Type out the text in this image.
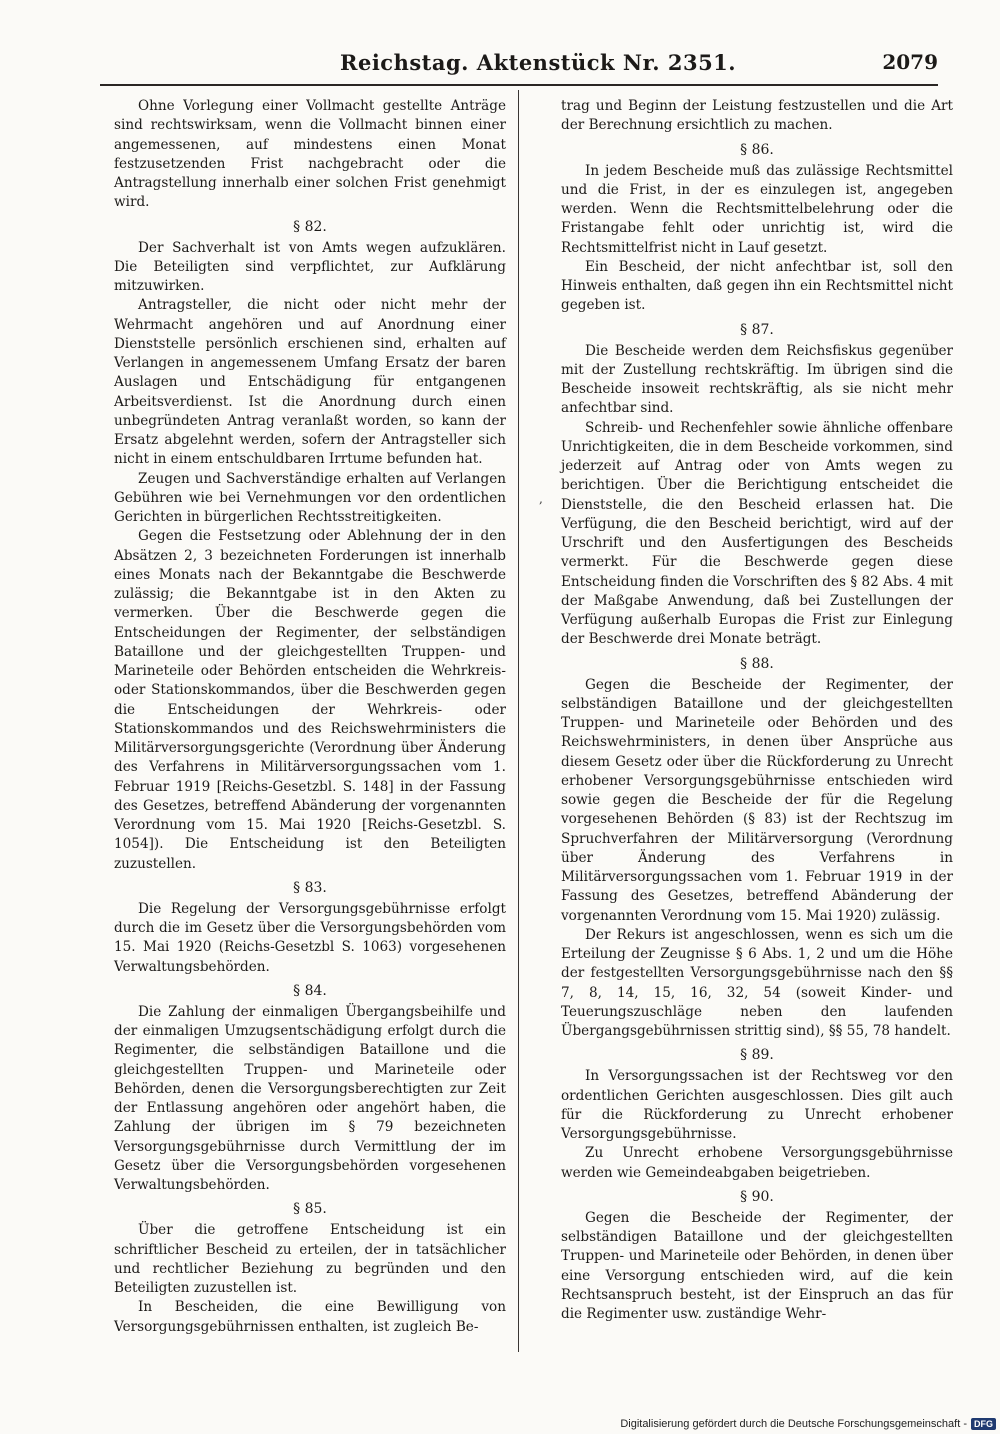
Reichstag. Aktenstück Nr. 2351.	2079
,

Ohne Vorlegung einer Vollmacht gestellte Anträge sind rechtswirksam, wenn die Vollmacht binnen einer angemessenen, auf mindestens einen Monat festzusetzenden Frist nachgebracht oder die Antragstellung innerhalb einer solchen Frist genehmigt wird.

§ 82.

Der Sachverhalt ist von Amts wegen aufzuklären. Die Beteiligten sind verpflichtet, zur Aufklärung mitzuwirken.

Antragsteller, die nicht oder nicht mehr der Wehrmacht angehören und auf Anordnung einer Dienststelle persönlich erschienen sind, erhalten auf Verlangen in angemessenem Umfang Ersatz der baren Auslagen und Entschädigung für entgangenen Arbeitsverdienst. Ist die Anordnung durch einen unbegründeten Antrag veranlaßt worden, so kann der Ersatz abgelehnt werden, sofern der Antragsteller sich nicht in einem entschuldbaren Irrtume befunden hat.

Zeugen und Sachverständige erhalten auf Verlangen Gebühren wie bei Vernehmungen vor den ordentlichen Gerichten in bürgerlichen Rechtsstreitigkeiten.

Gegen die Festsetzung oder Ablehnung der in den Absätzen 2, 3 bezeichneten Forderungen ist innerhalb eines Monats nach der Bekanntgabe die Beschwerde zulässig; die Bekanntgabe ist in den Akten zu vermerken. Über die Beschwerde gegen die Entscheidungen der Regimenter, der selbständigen Bataillone und der gleichgestellten Truppen- und Marineteile oder Behörden entscheiden die Wehrkreis- oder Stationskommandos, über die Beschwerden gegen die Entscheidungen der Wehrkreis- oder Stationskommandos und des Reichswehrministers die Militärversorgungsgerichte (Verordnung über Änderung des Verfahrens in Militärversorgungssachen vom 1. Februar 1919 [Reichs-Gesetzbl. S. 148] in der Fassung des Gesetzes, betreffend Abänderung der vorgenannten Verordnung vom 15. Mai 1920 [Reichs-Gesetzbl. S. 1054]). Die Entscheidung ist den Beteiligten zuzustellen.

§ 83.

Die Regelung der Versorgungsgebührnisse erfolgt durch die im Gesetz über die Versorgungsbehörden vom 15. Mai 1920 (Reichs-Gesetzbl S. 1063) vorgesehenen Verwaltungsbehörden.

§ 84.

Die Zahlung der einmaligen Übergangsbeihilfe und der einmaligen Umzugsentschädigung erfolgt durch die Regimenter, die selbständigen Bataillone und die gleichgestellten Truppen- und Marineteile oder Behörden, denen die Versorgungsberechtigten zur Zeit der Entlassung angehören oder angehört haben, die Zahlung der übrigen im § 79 bezeichneten Versorgungsgebührnisse durch Vermittlung der im Gesetz über die Versorgungsbehörden vorgesehenen Verwaltungsbehörden.

§ 85.

Über die getroffene Entscheidung ist ein schriftlicher Bescheid zu erteilen, der in tatsächlicher und rechtlicher Beziehung zu begründen und den Beteiligten zuzustellen ist.

In Bescheiden, die eine Bewilligung von Versorgungsgebührnissen enthalten, ist zugleich Be-

trag und Beginn der Leistung festzustellen und die Art der Berechnung ersichtlich zu machen.

§ 86.

In jedem Bescheide muß das zulässige Rechtsmittel und die Frist, in der es einzulegen ist, angegeben werden. Wenn die Rechtsmittelbelehrung oder die Fristangabe fehlt oder unrichtig ist, wird die Rechtsmittelfrist nicht in Lauf gesetzt.

Ein Bescheid, der nicht anfechtbar ist, soll den Hinweis enthalten, daß gegen ihn ein Rechtsmittel nicht gegeben ist.

§ 87.

Die Bescheide werden dem Reichsfiskus gegenüber mit der Zustellung rechtskräftig. Im übrigen sind die Bescheide insoweit rechtskräftig, als sie nicht mehr anfechtbar sind.

Schreib- und Rechenfehler sowie ähnliche offenbare Unrichtigkeiten, die in dem Bescheide vorkommen, sind jederzeit auf Antrag oder von Amts wegen zu berichtigen. Über die Berichtigung entscheidet die Dienststelle, die den Bescheid erlassen hat. Die Verfügung, die den Bescheid berichtigt, wird auf der Urschrift und den Ausfertigungen des Bescheids vermerkt. Für die Beschwerde gegen diese Entscheidung finden die Vorschriften des § 82 Abs. 4 mit der Maßgabe Anwendung, daß bei Zustellungen der Verfügung außerhalb Europas die Frist zur Einlegung der Beschwerde drei Monate beträgt.

§ 88.

Gegen die Bescheide der Regimenter, der selbständigen Bataillone und der gleichgestellten Truppen- und Marineteile oder Behörden und des Reichswehrministers, in denen über Ansprüche aus diesem Gesetz oder über die Rückforderung zu Unrecht erhobener Versorgungsgebührnisse entschieden wird sowie gegen die Bescheide der für die Regelung vorgesehenen Behörden (§ 83) ist der Rechtszug im Spruchverfahren der Militärversorgung (Verordnung über Änderung des Verfahrens in Militärversorgungssachen vom 1. Februar 1919 in der Fassung des Gesetzes, betreffend Abänderung der vorgenannten Verordnung vom 15. Mai 1920) zulässig.

Der Rekurs ist angeschlossen, wenn es sich um die Erteilung der Zeugnisse § 6 Abs. 1, 2 und um die Höhe der festgestellten Versorgungsgebührnisse nach den §§ 7, 8, 14, 15, 16, 32, 54 (soweit Kinder- und Teuerungszuschläge neben den laufenden Übergangsgebührnissen strittig sind), §§ 55, 78 handelt.

§ 89.

In Versorgungssachen ist der Rechtsweg vor den ordentlichen Gerichten ausgeschlossen. Dies gilt auch für die Rückforderung zu Unrecht erhobener Versorgungsgebührnisse.

Zu Unrecht erhobene Versorgungsgebührnisse werden wie Gemeindeabgaben beigetrieben.

§ 90.

Gegen die Bescheide der Regimenter, der selbständigen Bataillone und der gleichgestellten Truppen- und Marineteile oder Behörden, in denen über eine Versorgung entschieden wird, auf die kein Rechtsanspruch besteht, ist der Einspruch an das für die Regimenter usw. zuständige Wehr-

Digitalisierung gefördert durch die Deutsche Forschungsgemeinschaft - DFG
